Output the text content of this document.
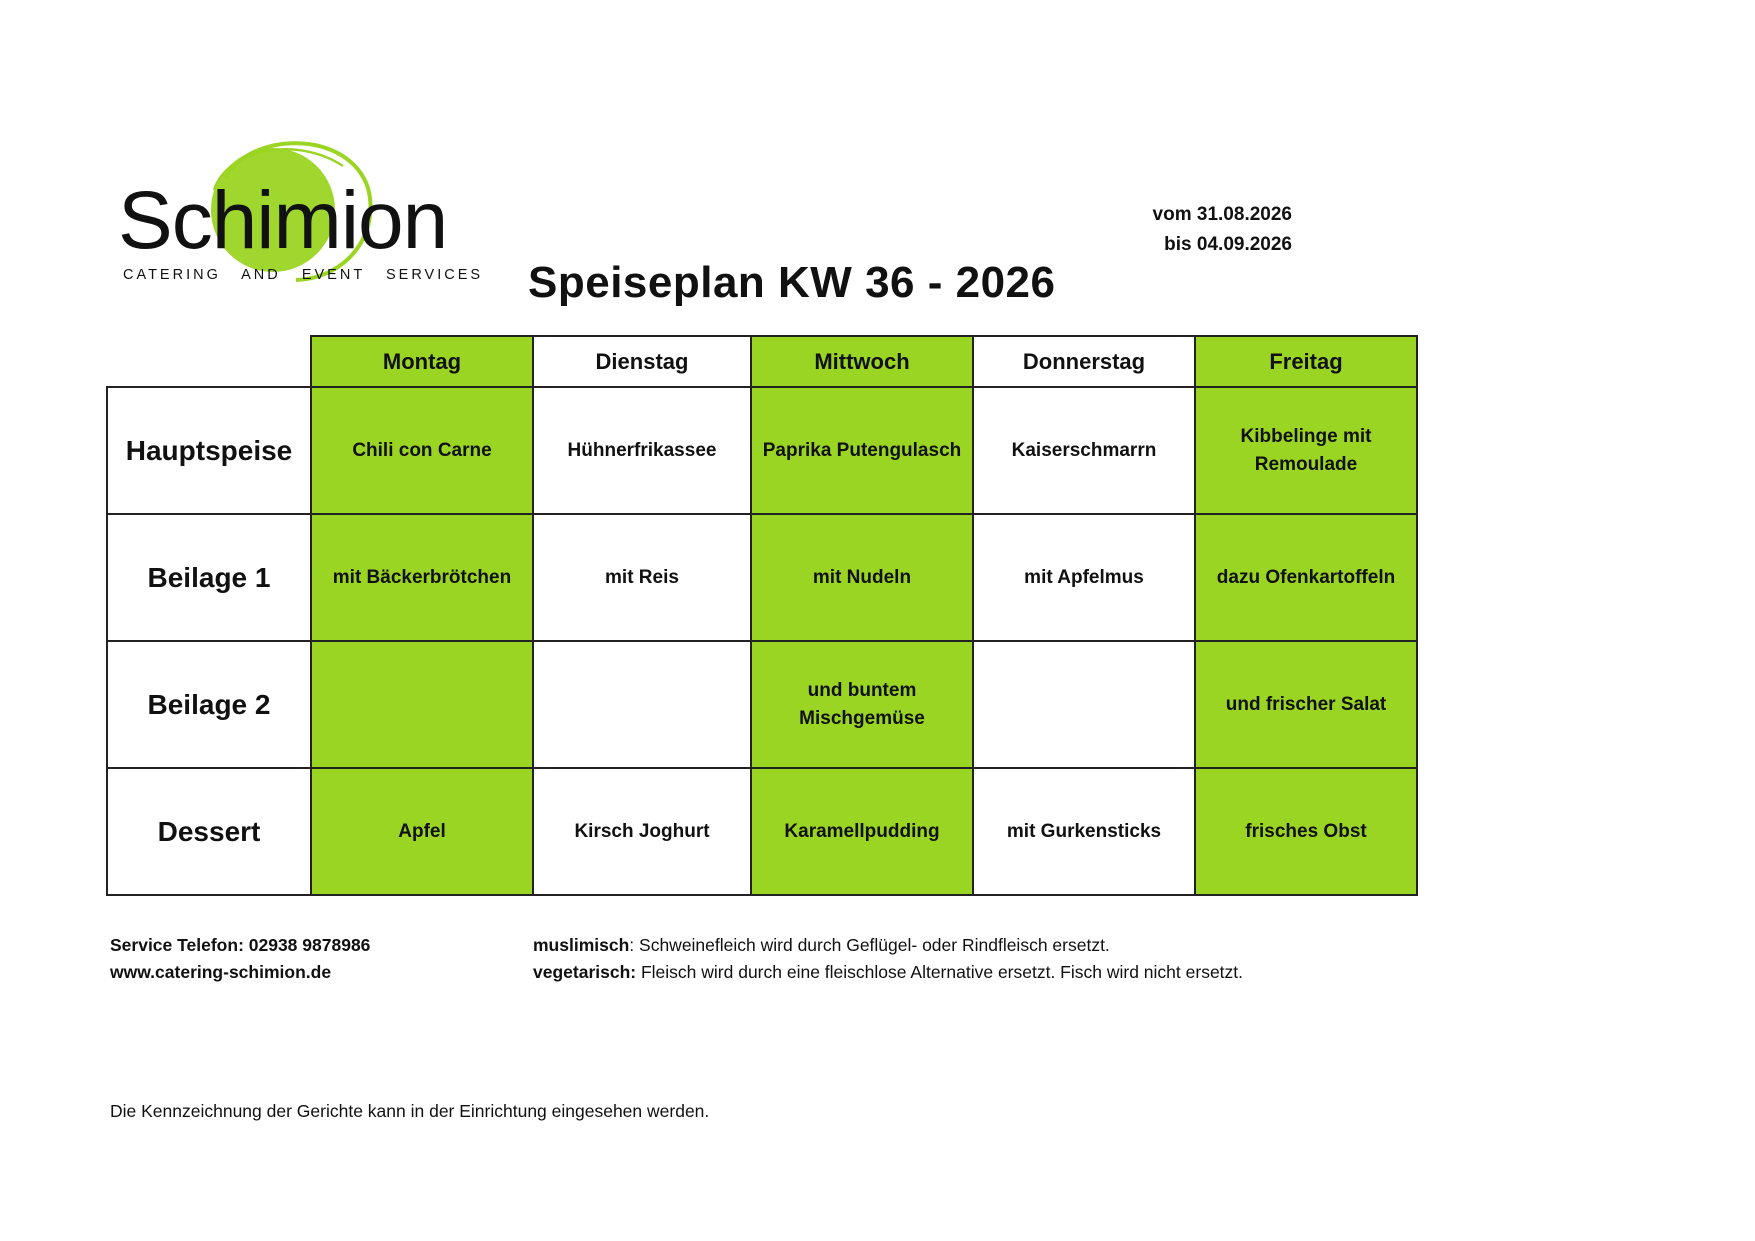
Schimion
CATERING   AND   EVENT   SERVICES Speiseplan KW 36 - 2026
vom 31.08.2026
bis 04.09.2026
	Montag	Dienstag	Mittwoch	Donnerstag	Freitag
Hauptspeise	Chili con Carne	Hühnerfrikassee	Paprika Putengulasch	Kaiserschmarrn	Kibbelinge mit Remoulade

Beilage 1	mit Bäckerbrötchen	mit Reis	mit Nudeln	mit Apfelmus	dazu Ofenkartoffeln
Beilage 2			und buntem Mischgemüse		und frischer Salat
Dessert	Apfel	Kirsch Joghurt	Karamellpudding	mit Gurkensticks	frisches Obst
Service Telefon: 02938 9878986
www.catering-schimion.de
muslimisch: Schweinefleich wird durch Geflügel- oder Rindfleisch ersetzt.
vegetarisch: Fleisch wird durch eine fleischlose Alternative ersetzt. Fisch wird nicht ersetzt.
Die Kennzeichnung der Gerichte kann in der Einrichtung eingesehen werden.
